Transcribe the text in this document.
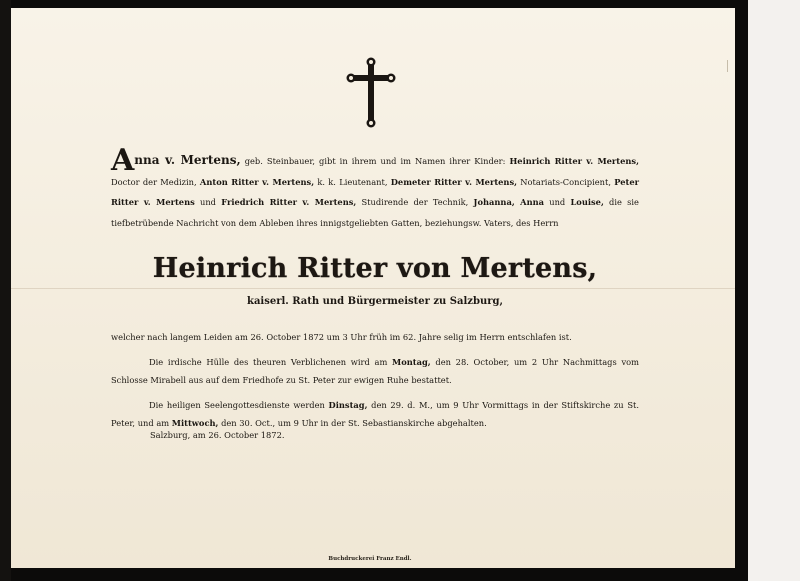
Anna v. Mertens, geb. Steinbauer, gibt in ihrem und im Namen ihrer Kinder: Heinrich Ritter v. Mertens, Doctor der Medizin, Anton Ritter v. Mertens, k. k. Lieutenant, Demeter Ritter v. Mertens, Notariats-Concipient, Peter Ritter v. Mertens und Friedrich Ritter v. Mertens, Studirende der Technik, Johanna, Anna und Louise, die sie tiefbetrübende Nachricht von dem Ableben ihres innigstgeliebten Gatten, beziehungsw. Vaters, des Herrn
Heinrich Ritter von Mertens,
kaiserl. Rath und Bürgermeister zu Salzburg,

welcher nach langem Leiden am 26. October 1872 um 3 Uhr früh im 62. Jahre selig im Herrn entschlafen ist.

Die irdische Hülle des theuren Verblichenen wird am Montag, den 28. October, um 2 Uhr Nachmittags vom Schlosse Mirabell aus auf dem Friedhofe zu St. Peter zur ewigen Ruhe bestattet.

Die heiligen Seelengottesdienste werden Dinstag, den 29. d. M., um 9 Uhr Vormittags in der Stiftskirche zu St. Peter, und am Mittwoch, den 30. Oct., um 9 Uhr in der St. Sebastianskirche abgehalten.

Salzburg, am 26. October 1872.
Buchdruckerei Franz Endl.
